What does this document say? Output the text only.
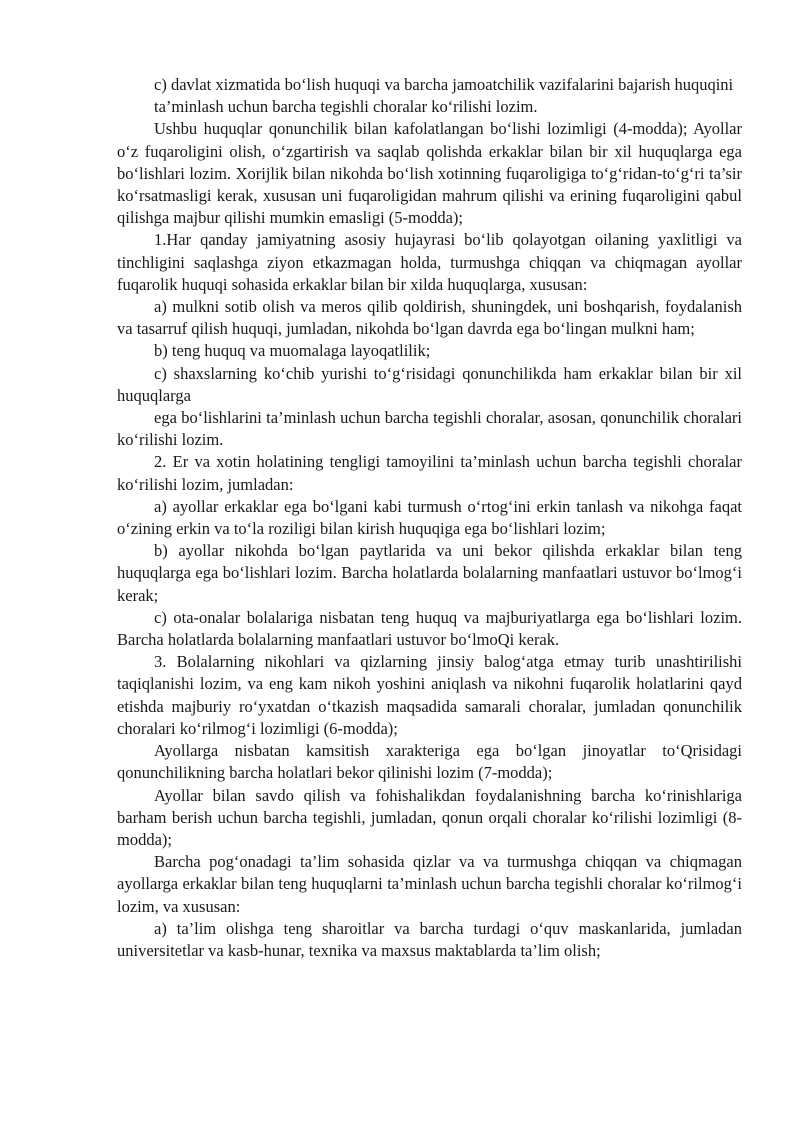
c) davlat xizmatida bo‘lish huquqi va barcha jamoatchilik vazifalarini bajarish huquqini

ta’minlash uchun barcha tegishli choralar ko‘rilishi lozim.

Ushbu huquqlar qonunchilik bilan kafolatlangan bo‘lishi lozimligi (4-modda); Ayollar o‘z fuqaroligini olish, o‘zgartirish va saqlab qolishda erkaklar bilan bir xil huquqlarga ega bo‘lishlari lozim. Xorijlik bilan nikohda bo‘lish xotinning fuqaroligiga to‘g‘ridan-to‘g‘ri ta’sir ko‘rsatmasligi kerak, xususan uni fuqaroligidan mahrum qilishi va erining fuqaroligini qabul qilishga majbur qilishi mumkin emasligi (5-modda);

1.Har qanday jamiyatning asosiy hujayrasi bo‘lib qolayotgan oilaning yaxlitligi va tinchligini saqlashga ziyon etkazmagan holda, turmushga chiqqan va chiqmagan ayollar fuqarolik huquqi sohasida erkaklar bilan bir xilda huquqlarga, xususan:

a) mulkni sotib olish va meros qilib qoldirish, shuningdek, uni boshqarish, foydalanish va tasarruf qilish huquqi, jumladan, nikohda bo‘lgan davrda ega bo‘lingan mulkni ham;

b) teng huquq va muomalaga layoqatlilik;

c) shaxslarning ko‘chib yurishi to‘g‘risidagi qonunchilikda ham erkaklar bilan bir xil huquqlarga

ega bo‘lishlarini ta’minlash uchun barcha tegishli choralar, asosan, qonunchilik choralari ko‘rilishi lozim.

2. Er va xotin holatining tengligi tamoyilini ta’minlash uchun barcha tegishli choralar ko‘rilishi lozim, jumladan:

a) ayollar erkaklar ega bo‘lgani kabi turmush o‘rtog‘ini erkin tanlash va nikohga faqat o‘zining erkin va to‘la roziligi bilan kirish huquqiga ega bo‘lishlari lozim;

b) ayollar nikohda bo‘lgan paytlarida va uni bekor qilishda erkaklar bilan teng huquqlarga ega bo‘lishlari lozim. Barcha holatlarda bolalarning manfaatlari ustuvor bo‘lmog‘i kerak;

c) ota-onalar bolalariga nisbatan teng huquq va majburiyatlarga ega bo‘lishlari lozim. Barcha holatlarda bolalarning manfaatlari ustuvor bo‘lmoQi kerak.

3. Bolalarning nikohlari va qizlarning jinsiy balog‘atga etmay turib unashtirilishi taqiqlanishi lozim, va eng kam nikoh yoshini aniqlash va nikohni fuqarolik holatlarini qayd etishda majburiy ro‘yxatdan o‘tkazish maqsadida samarali choralar, jumladan qonunchilik choralari ko‘rilmog‘i lozimligi (6-modda);

Ayollarga nisbatan kamsitish xarakteriga ega bo‘lgan jinoyatlar to‘Qrisidagi qonunchilikning barcha holatlari bekor qilinishi lozim (7-modda);

Ayollar bilan savdo qilish va fohishalikdan foydalanishning barcha ko‘rinishlariga barham berish uchun barcha tegishli, jumladan, qonun orqali choralar ko‘rilishi lozimligi (8-modda);

Barcha pog‘onadagi ta’lim sohasida qizlar va va turmushga chiqqan va chiqmagan ayollarga erkaklar bilan teng huquqlarni ta’minlash uchun barcha tegishli choralar ko‘rilmog‘i lozim, va xususan:

a) ta’lim olishga teng sharoitlar va barcha turdagi o‘quv maskanlarida, jumladan universitetlar va kasb-hunar, texnika va maxsus maktablarda ta’lim olish;
